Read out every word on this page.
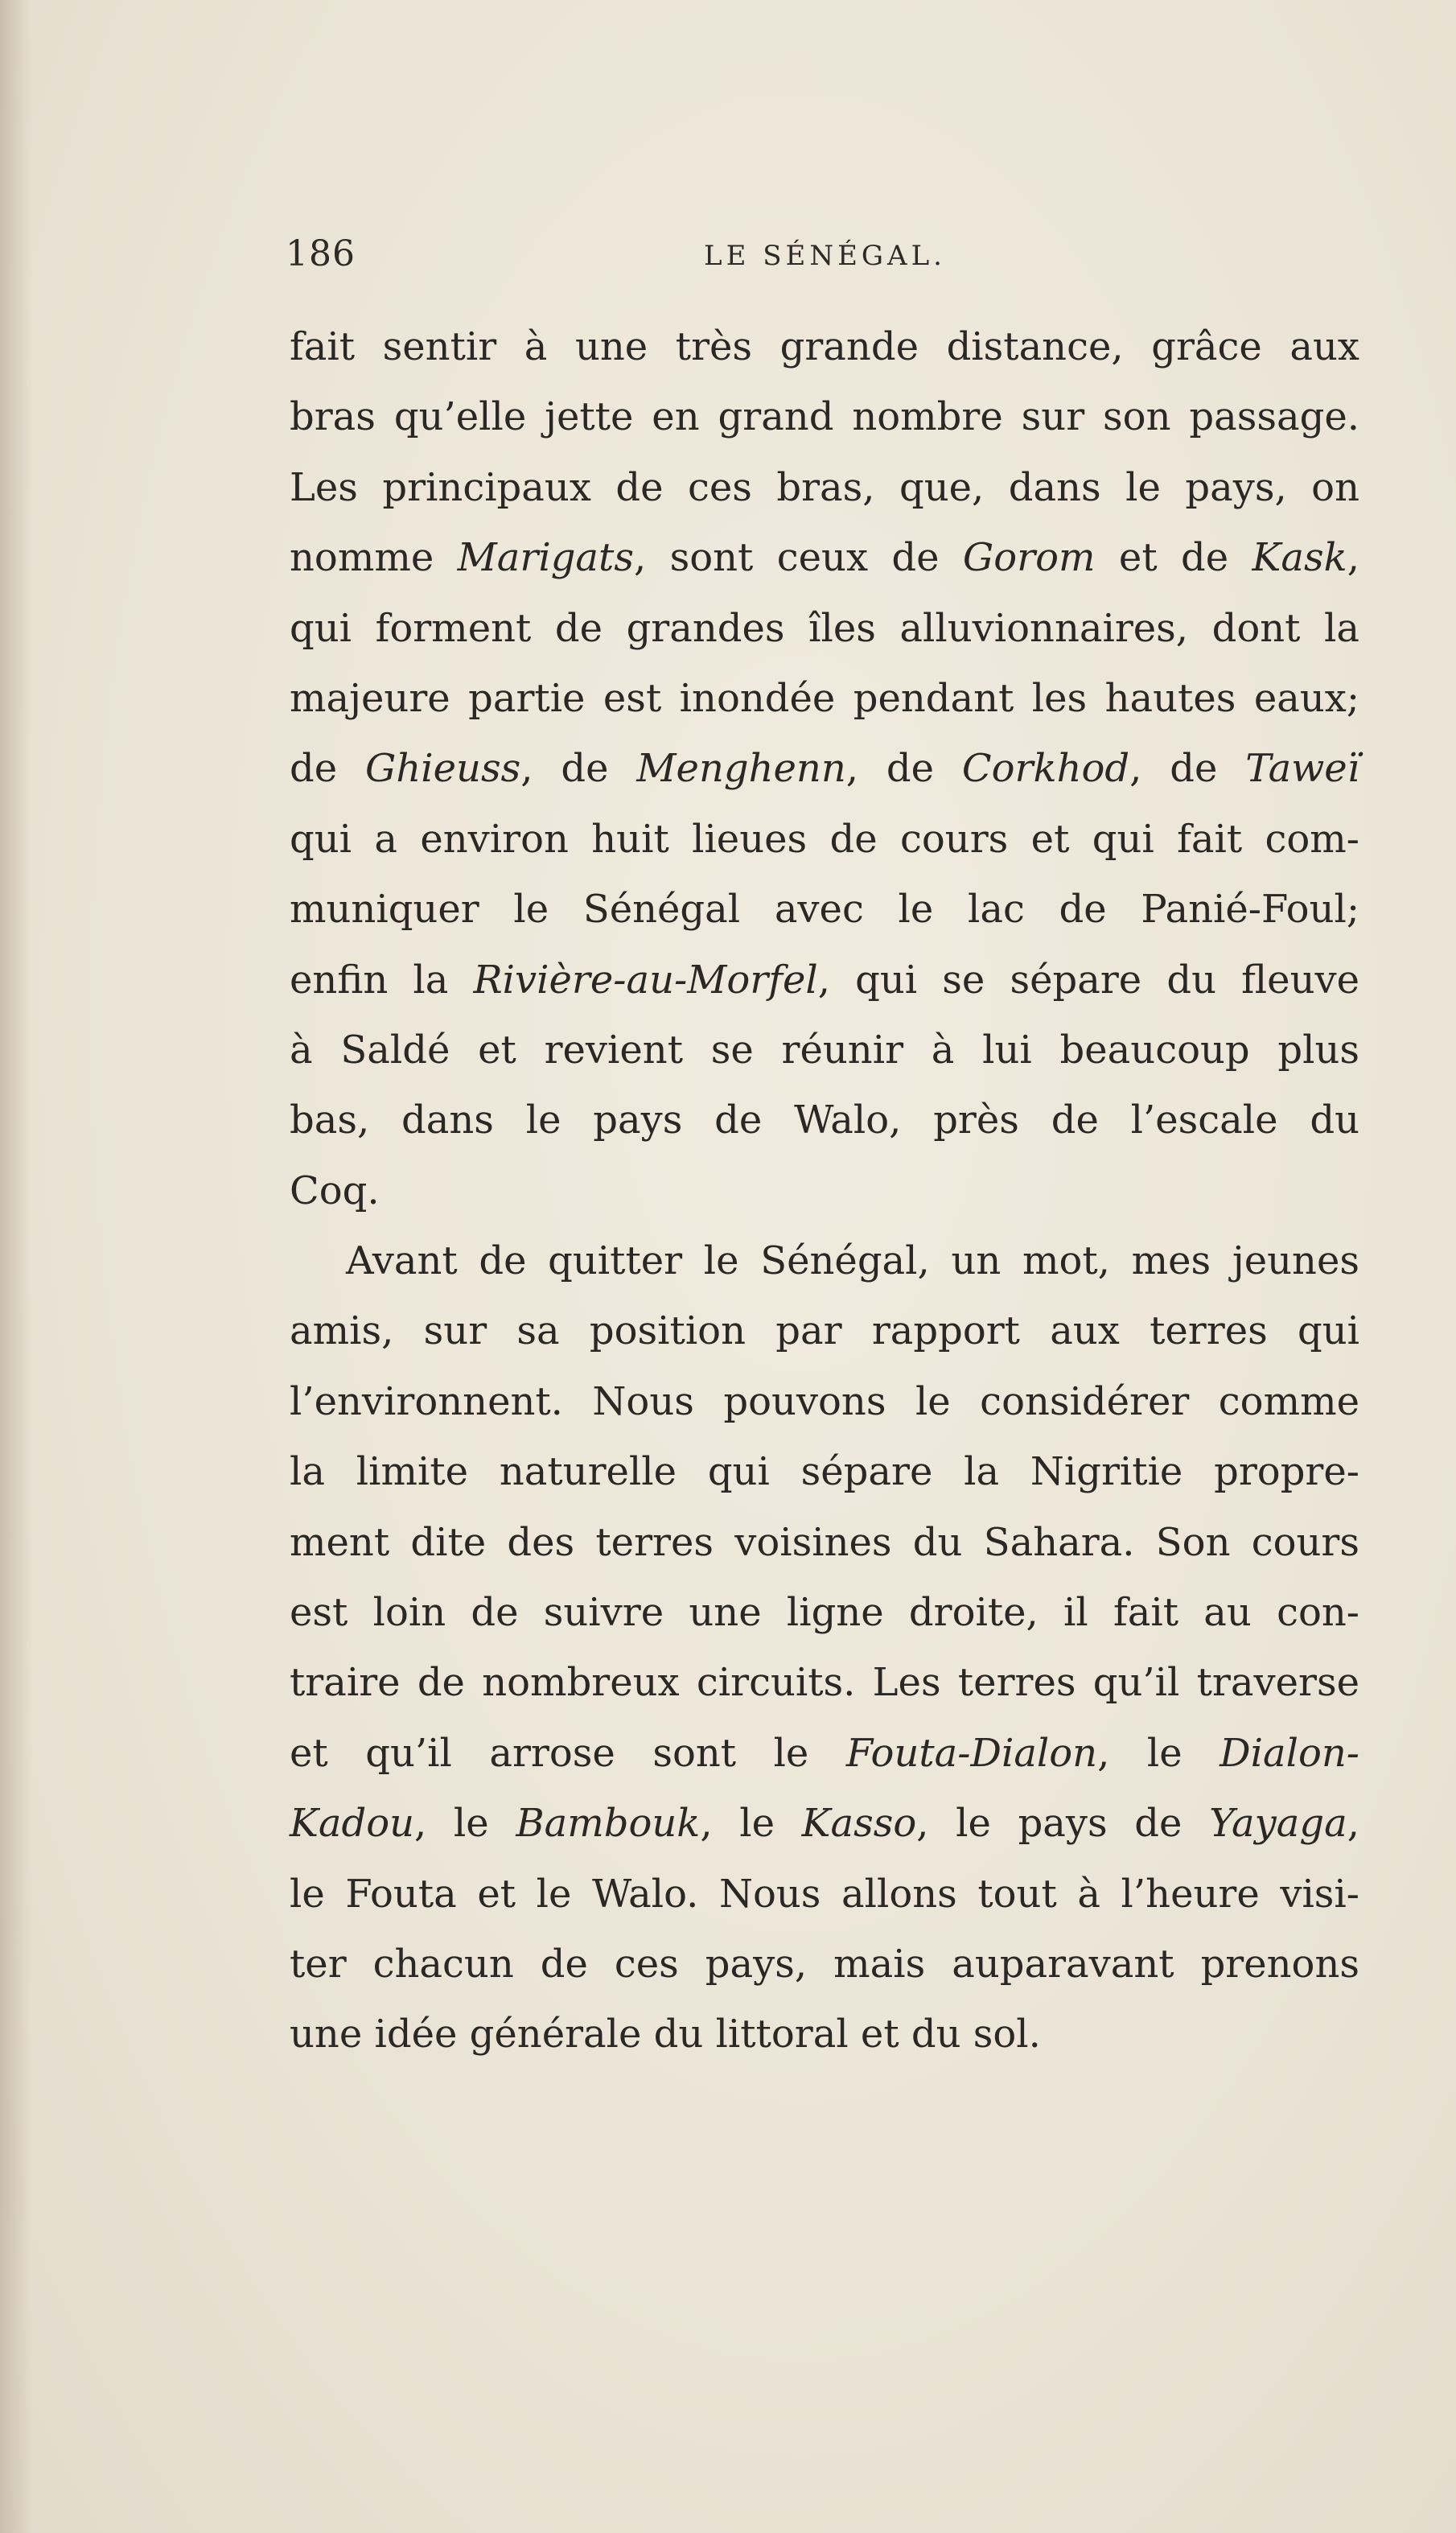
186	LE SÉNÉGAL.
fait sentir à une très grande distance, grâce aux
bras qu’elle jette en grand nombre sur son passage.
Les principaux de ces bras, que, dans le pays, on
nomme Marigats, sont ceux de Gorom et de Kask,
qui forment de grandes îles alluvionnaires, dont la
majeure partie est inondée pendant les hautes eaux;
de Ghieuss, de Menghenn, de Corkhod, de Taweï
qui a environ huit lieues de cours et qui fait com-
muniquer le Sénégal avec le lac de Panié-Foul;
enfin la Rivière-au-Morfel, qui se sépare du fleuve
à Saldé et revient se réunir à lui beaucoup plus
bas, dans le pays de Walo, près de l’escale du
Coq.
Avant de quitter le Sénégal, un mot, mes jeunes
amis, sur sa position par rapport aux terres qui
l’environnent. Nous pouvons le considérer comme
la limite naturelle qui sépare la Nigritie propre-
ment dite des terres voisines du Sahara. Son cours
est loin de suivre une ligne droite, il fait au con-
traire de nombreux circuits. Les terres qu’il traverse
et qu’il arrose sont le Fouta-Dialon, le Dialon-
Kadou, le Bambouk, le Kasso, le pays de Yayaga,
le Fouta et le Walo. Nous allons tout à l’heure visi-
ter chacun de ces pays, mais auparavant prenons
une idée générale du littoral et du sol.
